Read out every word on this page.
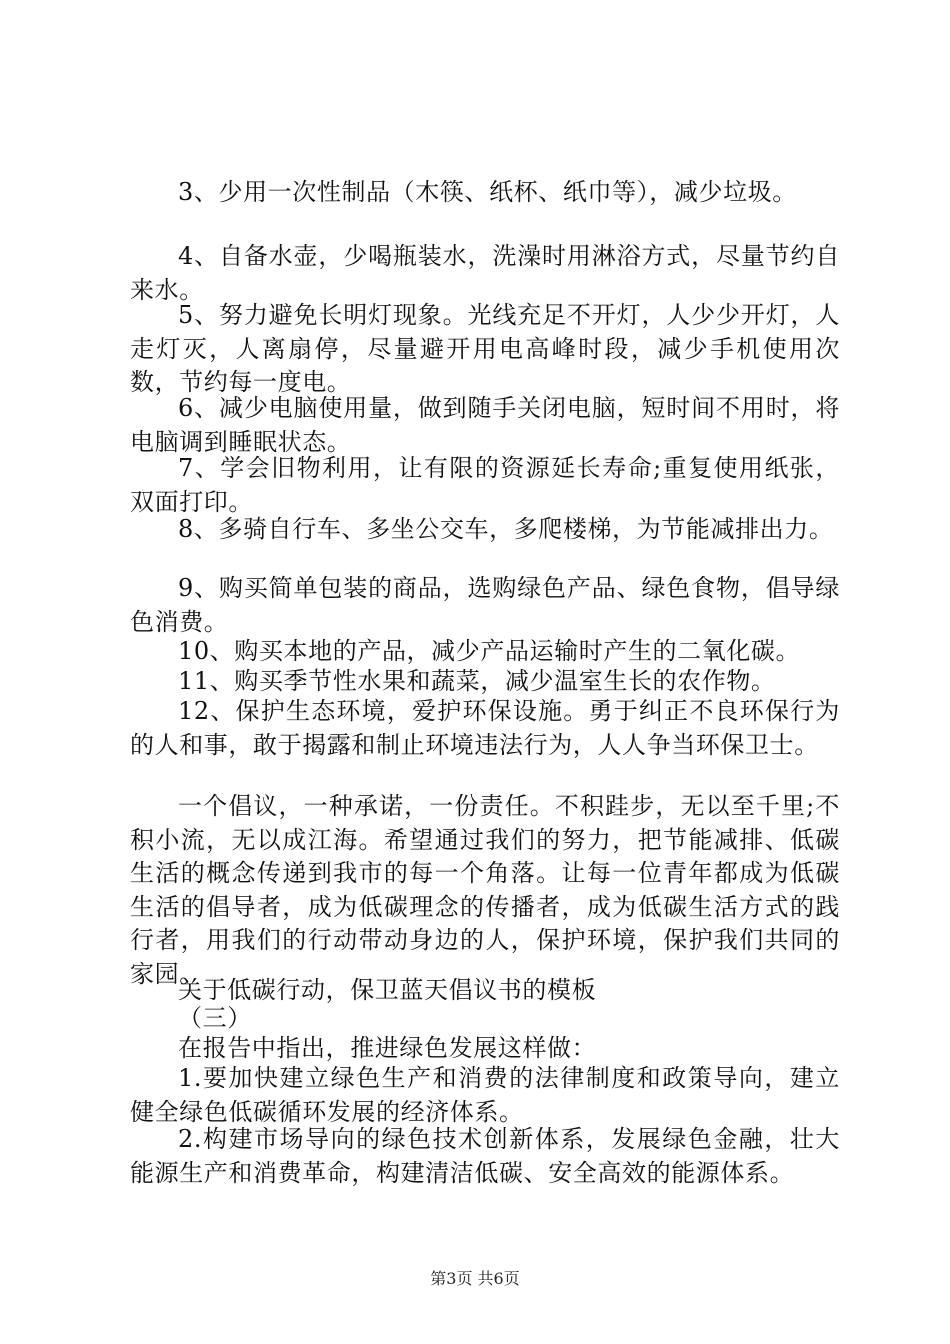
3、少用一次性制品（木筷、纸杯、纸巾等），减少垃圾。

4、自备水壶，少喝瓶装水，洗澡时用淋浴方式，尽量节约自来水。

5、努力避免长明灯现象。光线充足不开灯，人少少开灯，人走灯灭，人离扇停，尽量避开用电高峰时段，减少手机使用次数，节约每一度电。

6、减少电脑使用量，做到随手关闭电脑，短时间不用时，将电脑调到睡眠状态。

7、学会旧物利用，让有限的资源延长寿命;重复使用纸张，双面打印。

8、多骑自行车、多坐公交车，多爬楼梯，为节能减排出力。

9、购买简单包装的商品，选购绿色产品、绿色食物，倡导绿色消费。

10、购买本地的产品，减少产品运输时产生的二氧化碳。

11、购买季节性水果和蔬菜，减少温室生长的农作物。

12、保护生态环境，爱护环保设施。勇于纠正不良环保行为的人和事，敢于揭露和制止环境违法行为，人人争当环保卫士。

一个倡议，一种承诺，一份责任。不积跬步，无以至千里;不积小流，无以成江海。希望通过我们的努力，把节能减排、低碳生活的概念传递到我市的每一个角落。让每一位青年都成为低碳生活的倡导者，成为低碳理念的传播者，成为低碳生活方式的践行者，用我们的行动带动身边的人，保护环境，保护我们共同的家园。

关于低碳行动，保卫蓝天倡议书的模板

（三）

在报告中指出，推进绿色发展这样做：

1.要加快建立绿色生产和消费的法律制度和政策导向，建立健全绿色低碳循环发展的经济体系。

2.构建市场导向的绿色技术创新体系，发展绿色金融，壮大能源生产和消费革命，构建清洁低碳、安全高效的能源体系。

第3页 共6页
